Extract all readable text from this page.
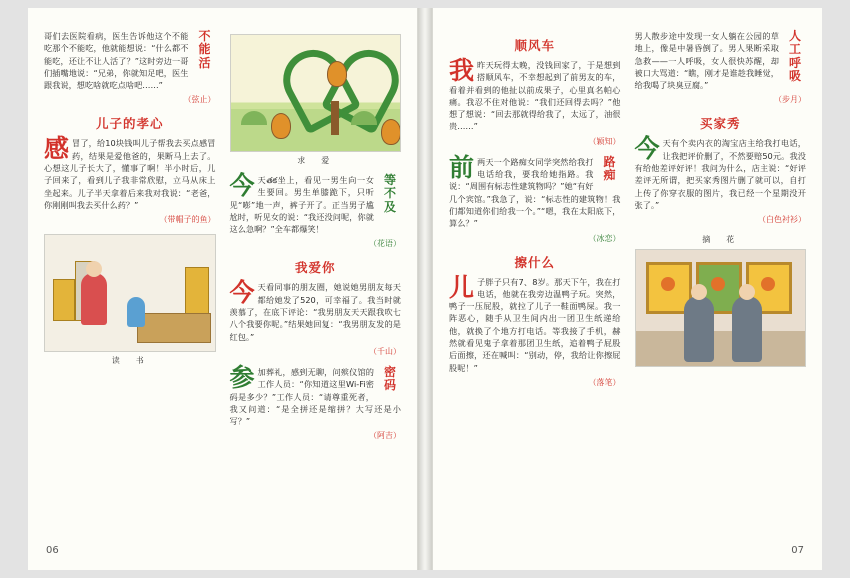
不能活
哥们去医院看病，医生告诉他这个不能吃那个不能吃，他就能想说：“什么都不能吃，还让不让人活了？”这时旁边一哥们插嘴地说：“兄弟，你就知足吧，医生跟我说，想吃啥就吃点啥吧……”
（弦止）
儿子的孝心
感冒了，给10块钱叫儿子帮我去买点感冒药，结果是爱他爸的，果断马上去了。心想这儿子长大了，懂事了啊！半小时后，儿子回来了，看到儿子我非常欣慰，立马从床上坐起来。儿子半天拿着后来我对我说：“老爸，你刚刚叫我去买什么药？”
（带帽子的鱼）
读　书
求　爱
等不及
今天తక坐上，看见一男生向一女生要回。男生单膝跪下，只听见“嘭”地一声，裤子开了。正当男子尴尬时，听见女的说：“我还没问呢，你就这么急啊？”全车都爆笑！
（花语）
我爱你
今天看同事的朋友圈，她说她男朋友每天都给她发了520，可幸福了。我当时就羡慕了，在底下评论：“我男朋友天天跟我吹七八个我要你呢。”结果她回复：“我男朋友发的是红包。”
（千山）
密码
参加葬礼，感到无聊，问殡仪馆的工作人员：“你知道这里Wi-Fi密码是多少？”工作人员：“请尊重死者，我又问道：“是全拼还是缩拼？大写还是小写？”
（阿吉）
06
顺风车
我昨天玩得太晚，没钱回家了，于是想到搭顺风车，不幸想起到了前男友的车，看着并看到的他扯以前成果子，心里真名帕心痛。我忍不住对他说：“我们还回得去吗？”他想了想说：“回去那就得给我了，太远了，油很贵……”
（颖知）
路痴
前两天一个路痴女同学突然给我打电话给我，要我给她指路。我说：“周围有标志性建筑物吗？”她“有好几个宾馆。”我急了，说：“标志性的建筑物！我们都知道你们给我一个。”“嗯，我在太阳底下，算么？”
（冰恋）
擦什么
儿子胖子只有7、8岁。那天下午，我在打电话，他就在我旁边温鸭子玩。突然，鸭子一压屁股，就拉了儿子一鞋面鸭屎。我一阵恶心，随手从卫生间内出一团卫生纸递给他，就换了个地方打电话。等我接了手机，赫然就看见鬼子拿着那团卫生纸，追着鸭子屁股后面擦，还在喊叫：“别动，停，我给让你擦屁股呢！”
（落笔）
人工呼吸
男人散步途中发现一女人躺在公园的草地上，像是中暑昏倒了。男人果断采取急救——一人呼吸，女人很快苏醒，却被口大骂道：“瞧，刚才是谁趁我睡觉，给我喝了块臭豆腐。”
（步月）
买家秀
今天有个卖内衣的淘宝店主给我打电话，让我把评价删了，不然要赔50元。我没有给他差评好评！我问为什么，店主说：“好评差评无所谓，把买家秀图片删了就可以，自打上传了你穿衣服的图片，我已经一个星期没开张了。”
（白色衬衫）
摘　花
07
